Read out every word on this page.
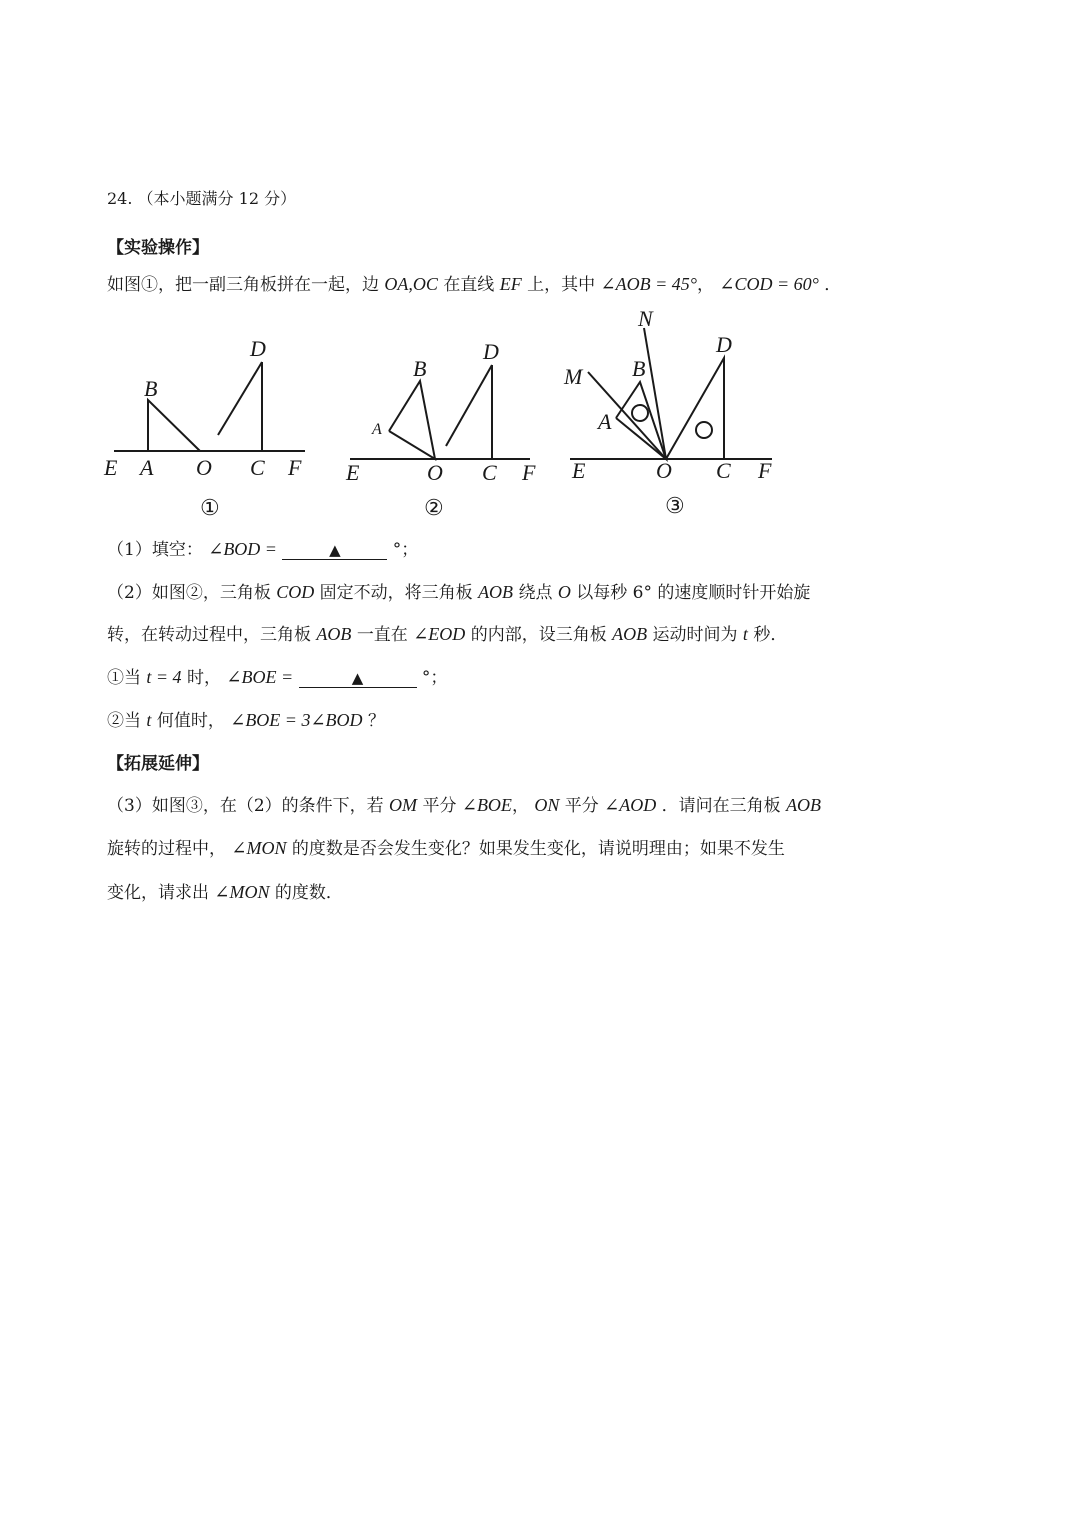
24. （本小题满分 12 分）
【实验操作】
如图①，把一副三角板拼在一起，边 OA,OC 在直线 EF 上，其中 ∠AOB = 45°， ∠COD = 60° ．
D
B
E A O C F
①
B
D
A
E	O C F
②
N
M B
D
A
E	O C F
③
（1）填空： ∠BOD =	▲	°；
（2）如图②，三角板 COD 固定不动，将三角板 AOB 绕点 O 以每秒 6° 的速度顺时针开始旋
转，在转动过程中，三角板 AOB 一直在 ∠EOD 的内部，设三角板 AOB 运动时间为 t 秒．
①当 t = 4 时， ∠BOE =	▲	°；
②当 t 何值时， ∠BOE = 3∠BOD ？
【拓展延伸】
（3）如图③，在（2）的条件下，若 OM 平分 ∠BOE， ON 平分 ∠AOD ．请问在三角板 AOB
旋转的过程中， ∠MON 的度数是否会发生变化？如果发生变化，请说明理由；如果不发生
变化，请求出 ∠MON 的度数．
